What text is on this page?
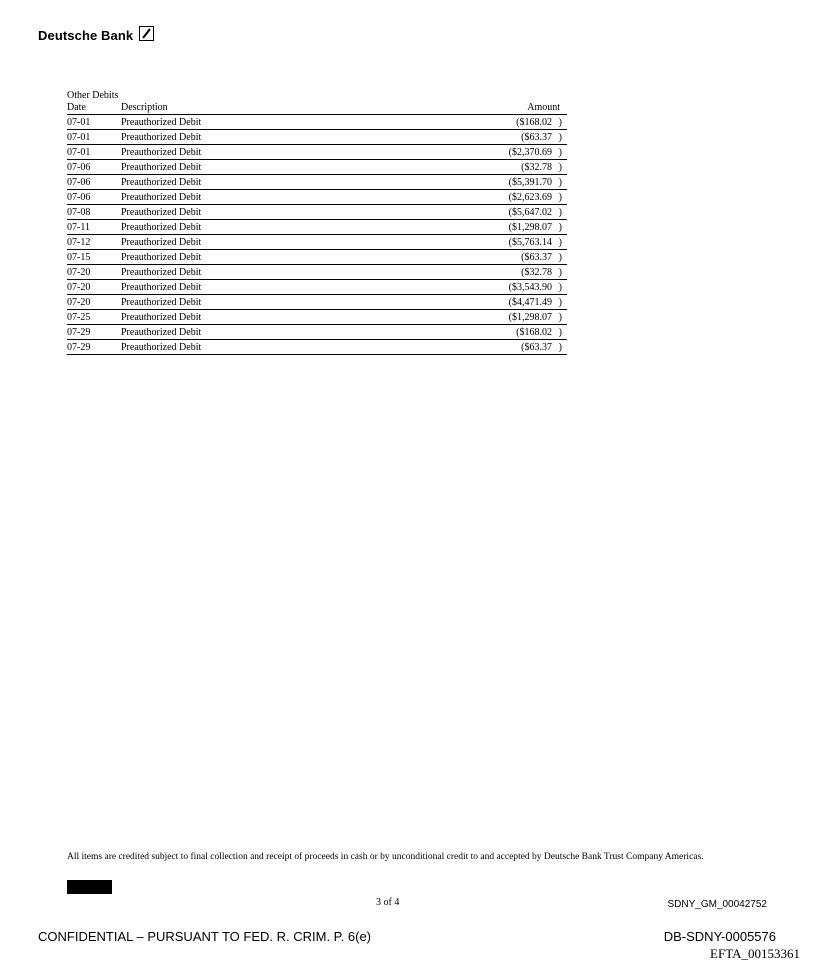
Deutsche Bank
Other Debits
Date	Description	Amount
07-01	Preauthorized Debit	($168.02 )
07-01	Preauthorized Debit	($63.37 )
07-01	Preauthorized Debit	($2,370.69 )
07-06	Preauthorized Debit	($32.78 )
07-06	Preauthorized Debit	($5,391.70 )
07-06	Preauthorized Debit	($2,623.69 )
07-08	Preauthorized Debit	($5,647.02 )
07-11	Preauthorized Debit	($1,298.07 )
07-12	Preauthorized Debit	($5,763.14 )
07-15	Preauthorized Debit	($63.37 )
07-20	Preauthorized Debit	($32.78 )
07-20	Preauthorized Debit	($3,543.90 )
07-20	Preauthorized Debit	($4,471.49 )
07-25	Preauthorized Debit	($1,298.07 )
07-29	Preauthorized Debit	($168.02 )
07-29	Preauthorized Debit	($63.37 )
All items are credited subject to final collection and receipt of proceeds in cash or by unconditional credit to and accepted by Deutsche Bank Trust Company Americas.
3 of 4	SDNY_GM_00042752
CONFIDENTIAL – PURSUANT TO FED. R. CRIM. P. 6(e)	DB-SDNY-0005576
EFTA_00153361
